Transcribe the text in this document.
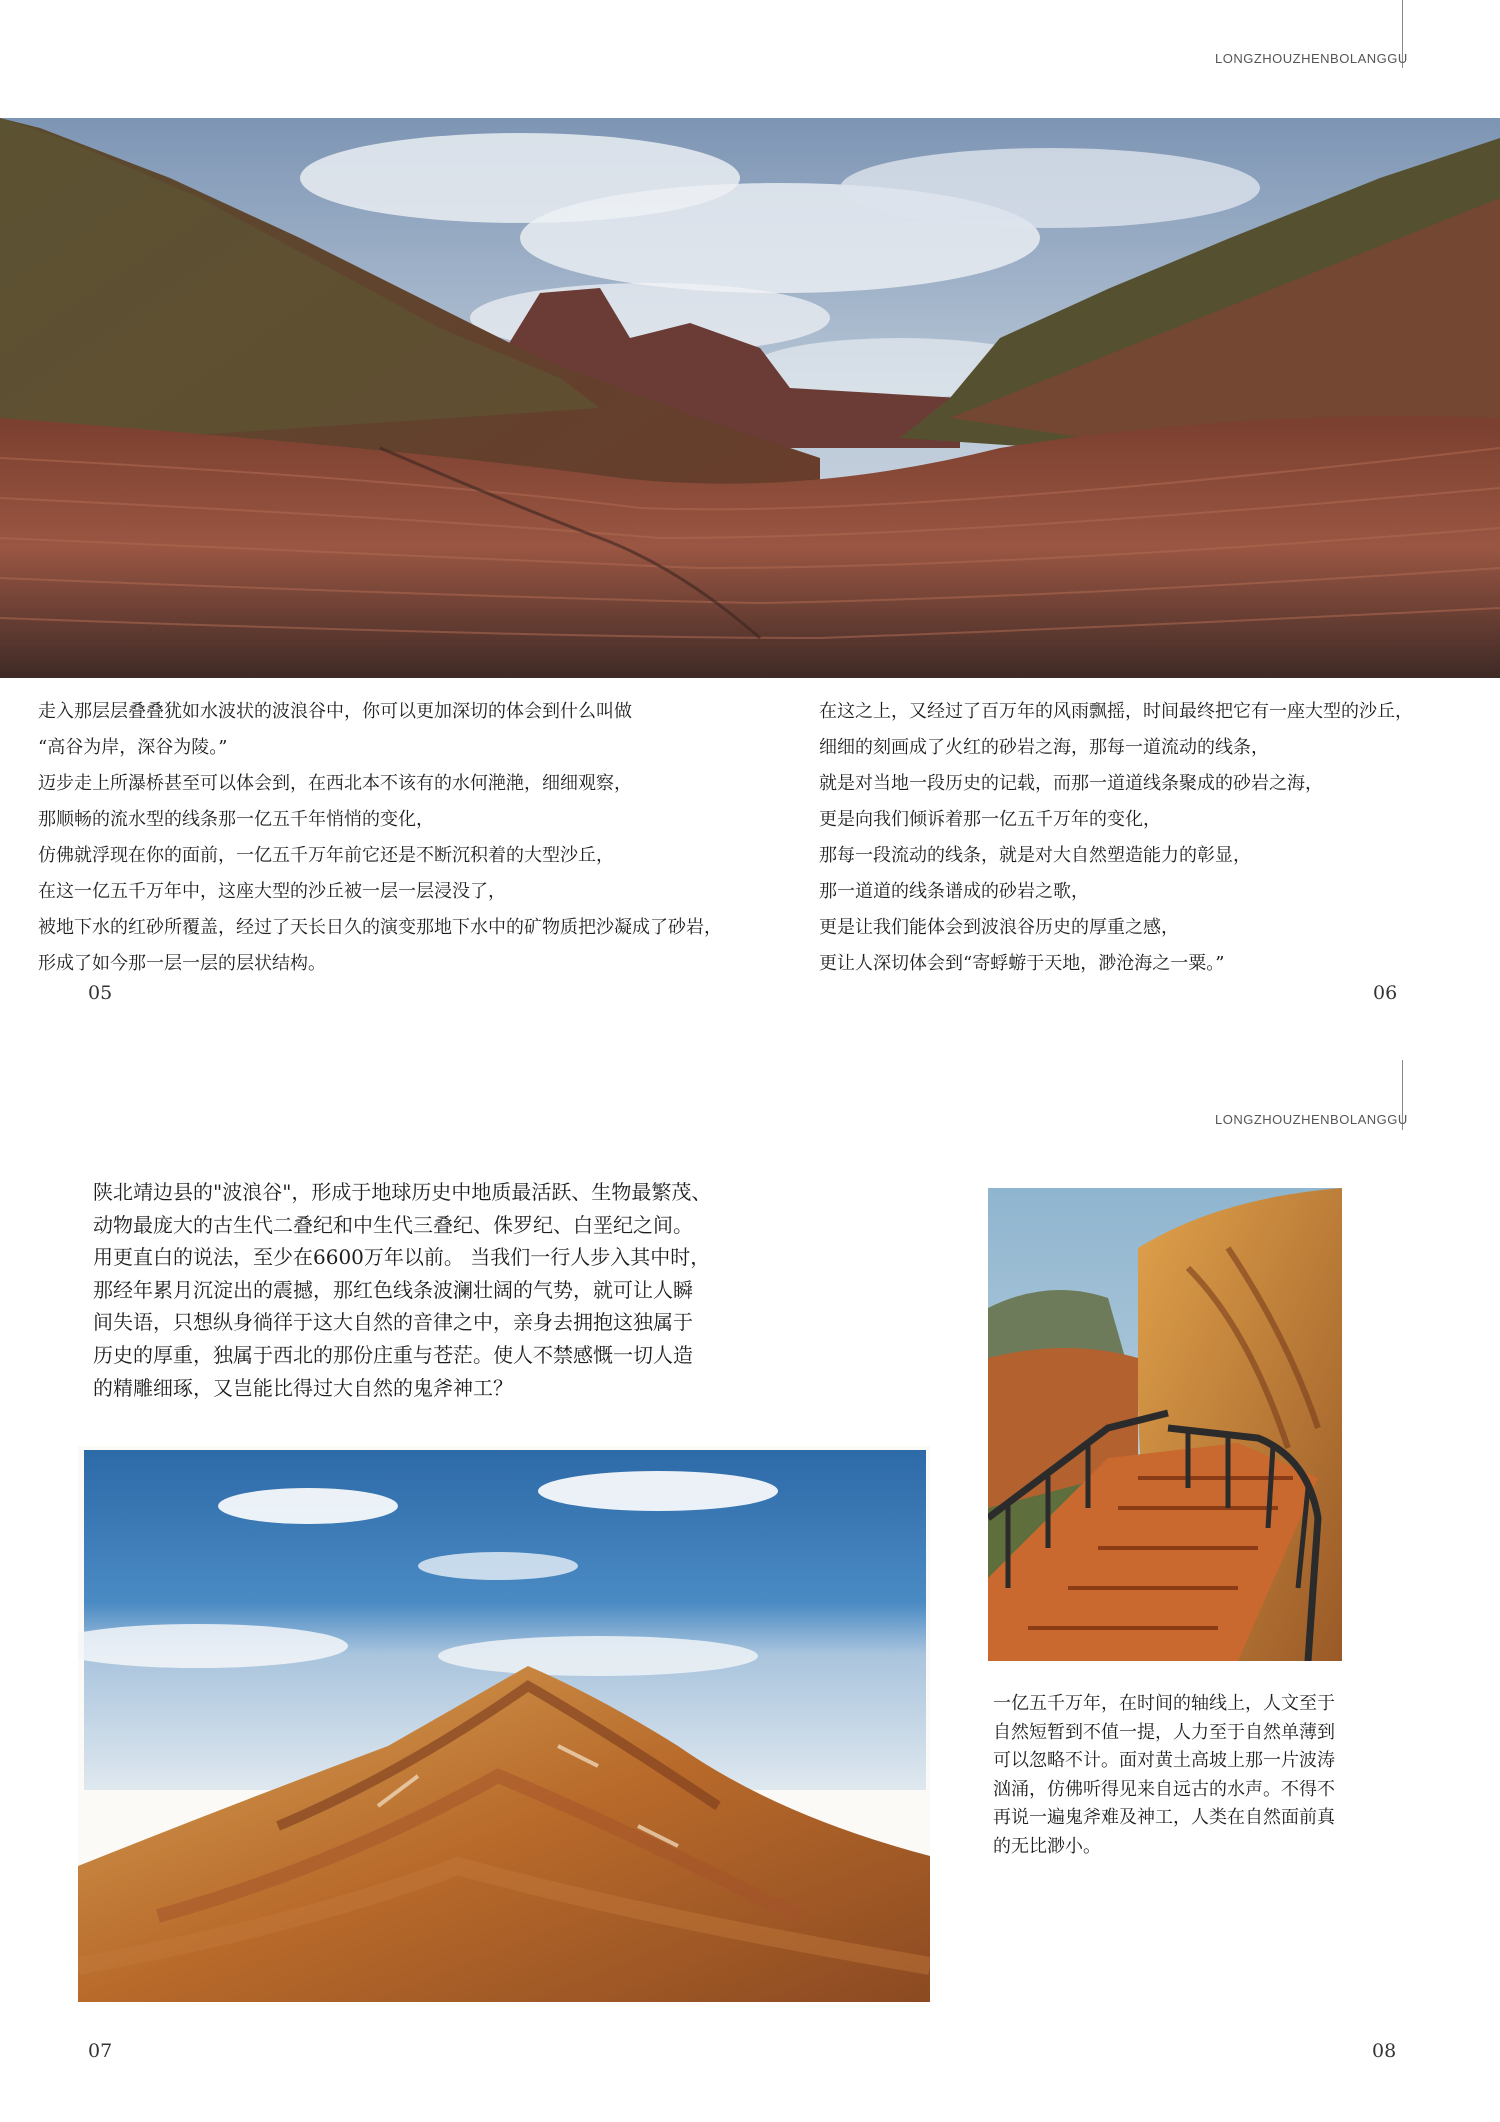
LONGZHOUZHENBOLANGGU

走入那层层叠叠犹如水波状的波浪谷中，你可以更加深切的体会到什么叫做

“高谷为岸，深谷为陵。”

迈步走上所瀑桥甚至可以体会到，在西北本不该有的水何滟滟，细细观察，

那顺畅的流水型的线条那一亿五千年悄悄的变化，

仿佛就浮现在你的面前，一亿五千万年前它还是不断沉积着的大型沙丘，

在这一亿五千万年中，这座大型的沙丘被一层一层浸没了，

被地下水的红砂所覆盖，经过了天长日久的演变那地下水中的矿物质把沙凝成了砂岩，

形成了如今那一层一层的层状结构。

在这之上，又经过了百万年的风雨飘摇，时间最终把它有一座大型的沙丘，

细细的刻画成了火红的砂岩之海，那每一道流动的线条，

就是对当地一段历史的记载，而那一道道线条聚成的砂岩之海，

更是向我们倾诉着那一亿五千万年的变化，

那每一段流动的线条，就是对大自然塑造能力的彰显，

那一道道的线条谱成的砂岩之歌，

更是让我们能体会到波浪谷历史的厚重之感，

更让人深切体会到“寄蜉蝣于天地，渺沧海之一粟。”

05	06
LONGZHOUZHENBOLANGGU

陕北靖边县的"波浪谷"，形成于地球历史中地质最活跃、生物最繁茂、

动物最庞大的古生代二叠纪和中生代三叠纪、侏罗纪、白垩纪之间。

用更直白的说法，至少在6600万年以前。 当我们一行人步入其中时，

那经年累月沉淀出的震撼，那红色线条波澜壮阔的气势，就可让人瞬

间失语，只想纵身徜徉于这大自然的音律之中，亲身去拥抱这独属于

历史的厚重，独属于西北的那份庄重与苍茫。使人不禁感慨一切人造

的精雕细琢，又岂能比得过大自然的鬼斧神工？

一亿五千万年，在时间的轴线上，人文至于

自然短暂到不值一提，人力至于自然单薄到

可以忽略不计。面对黄土高坡上那一片波涛

汹涌，仿佛听得见来自远古的水声。不得不

再说一遍鬼斧难及神工，人类在自然面前真

的无比渺小。

07	08
